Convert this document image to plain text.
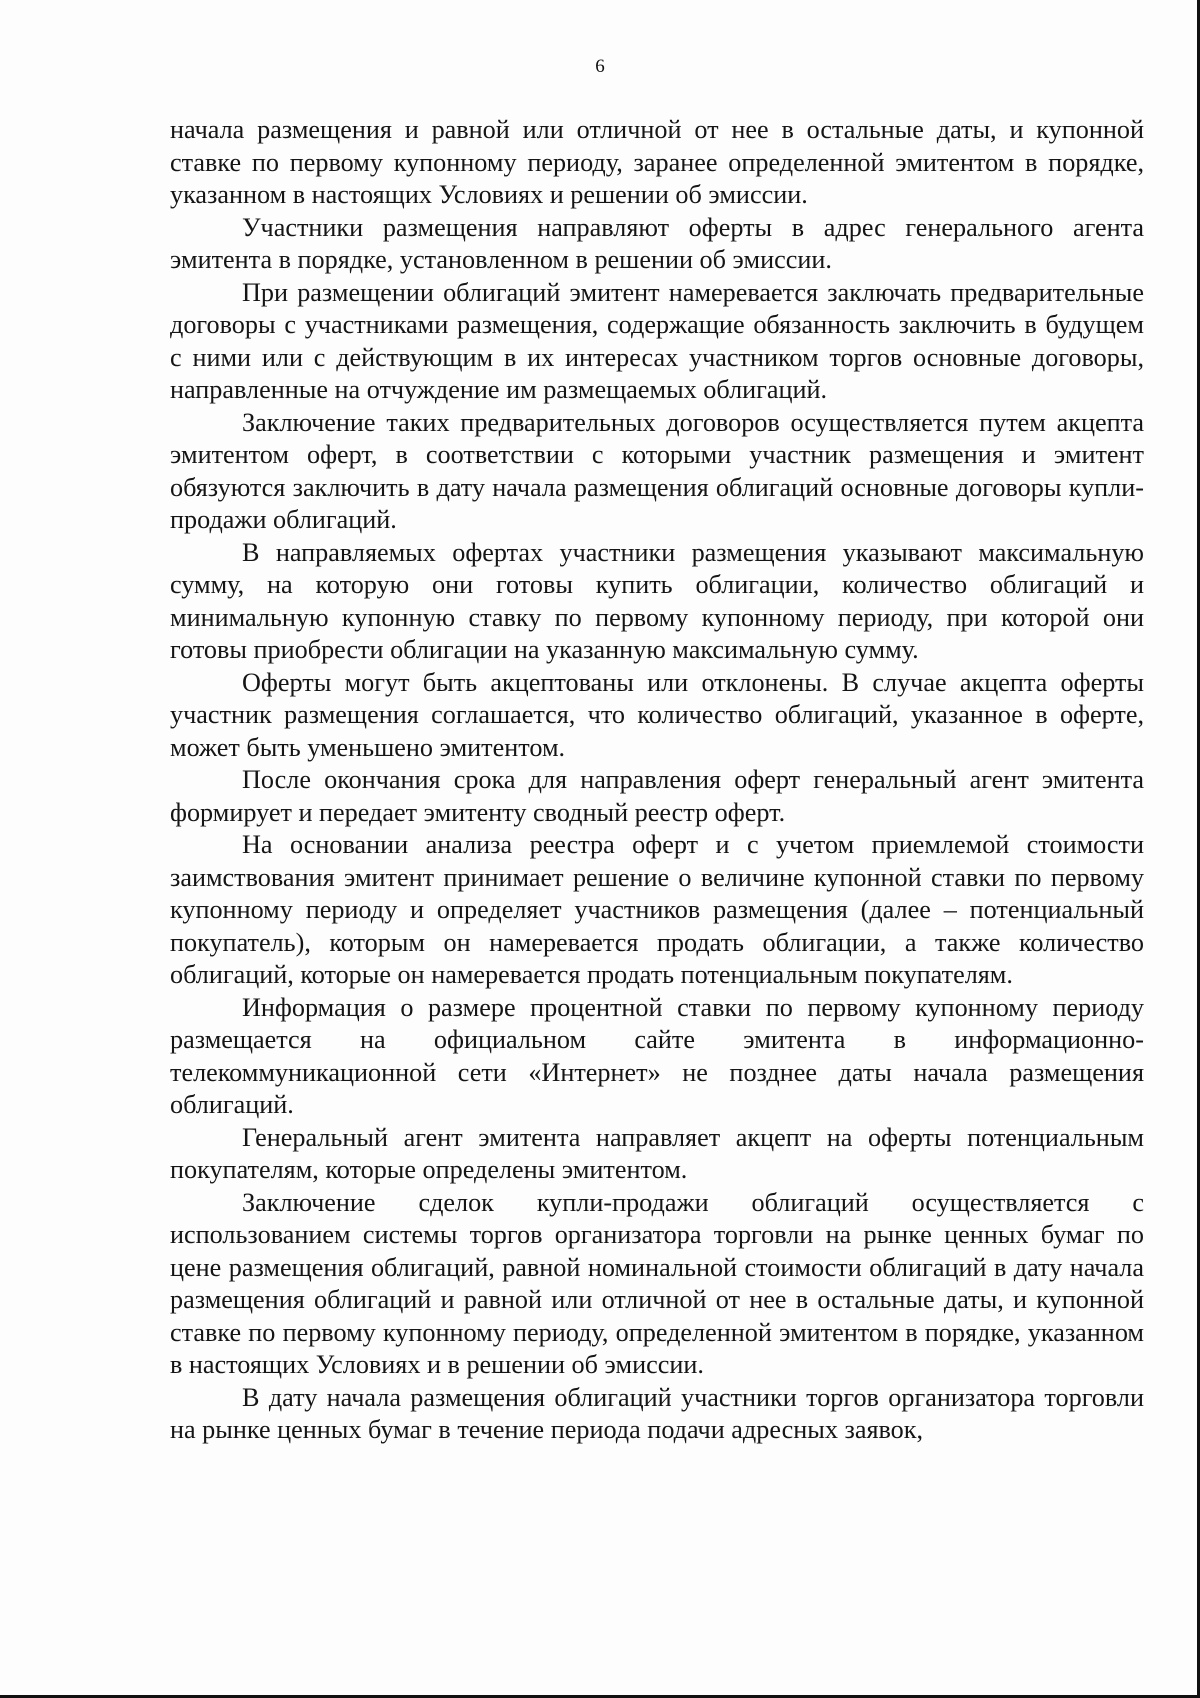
6

начала размещения и равной или отличной от нее в остальные даты, и купонной ставке по первому купонному периоду, заранее определенной эмитентом в порядке, указанном в настоящих Условиях и решении об эмиссии.

Участники размещения направляют оферты в адрес генерального агента эмитента в порядке, установленном в решении об эмиссии.

При размещении облигаций эмитент намеревается заключать предварительные договоры с участниками размещения, содержащие обязанность заключить в будущем с ними или с действующим в их интересах участником торгов основные договоры, направленные на отчуждение им размещаемых облигаций.

Заключение таких предварительных договоров осуществляется путем акцепта эмитентом оферт, в соответствии с которыми участник размещения и эмитент обязуются заключить в дату начала размещения облигаций основные договоры купли-продажи облигаций.

В направляемых офертах участники размещения указывают максимальную сумму, на которую они готовы купить облигации, количество облигаций и минимальную купонную ставку по первому купонному периоду, при которой они готовы приобрести облигации на указанную максимальную сумму.

Оферты могут быть акцептованы или отклонены. В случае акцепта оферты участник размещения соглашается, что количество облигаций, указанное в оферте, может быть уменьшено эмитентом.

После окончания срока для направления оферт генеральный агент эмитента формирует и передает эмитенту сводный реестр оферт.

На основании анализа реестра оферт и с учетом приемлемой стоимости заимствования эмитент принимает решение о величине купонной ставки по первому купонному периоду и определяет участников размещения (далее – потенциальный покупатель), которым он намеревается продать облигации, а также количество облигаций, которые он намеревается продать потенциальным покупателям.

Информация о размере процентной ставки по первому купонному периоду размещается на официальном сайте эмитента в информационно-телекоммуникационной сети «Интернет» не позднее даты начала размещения облигаций.

Генеральный агент эмитента направляет акцепт на оферты потенциальным покупателям, которые определены эмитентом.

Заключение сделок купли-продажи облигаций осуществляется с использованием системы торгов организатора торговли на рынке ценных бумаг по цене размещения облигаций, равной номинальной стоимости облигаций в дату начала размещения облигаций и равной или отличной от нее в остальные даты, и купонной ставке по первому купонному периоду, определенной эмитентом в порядке, указанном в настоящих Условиях и в решении об эмиссии.

В дату начала размещения облигаций участники торгов организатора торговли на рынке ценных бумаг в течение периода подачи адресных заявок,
